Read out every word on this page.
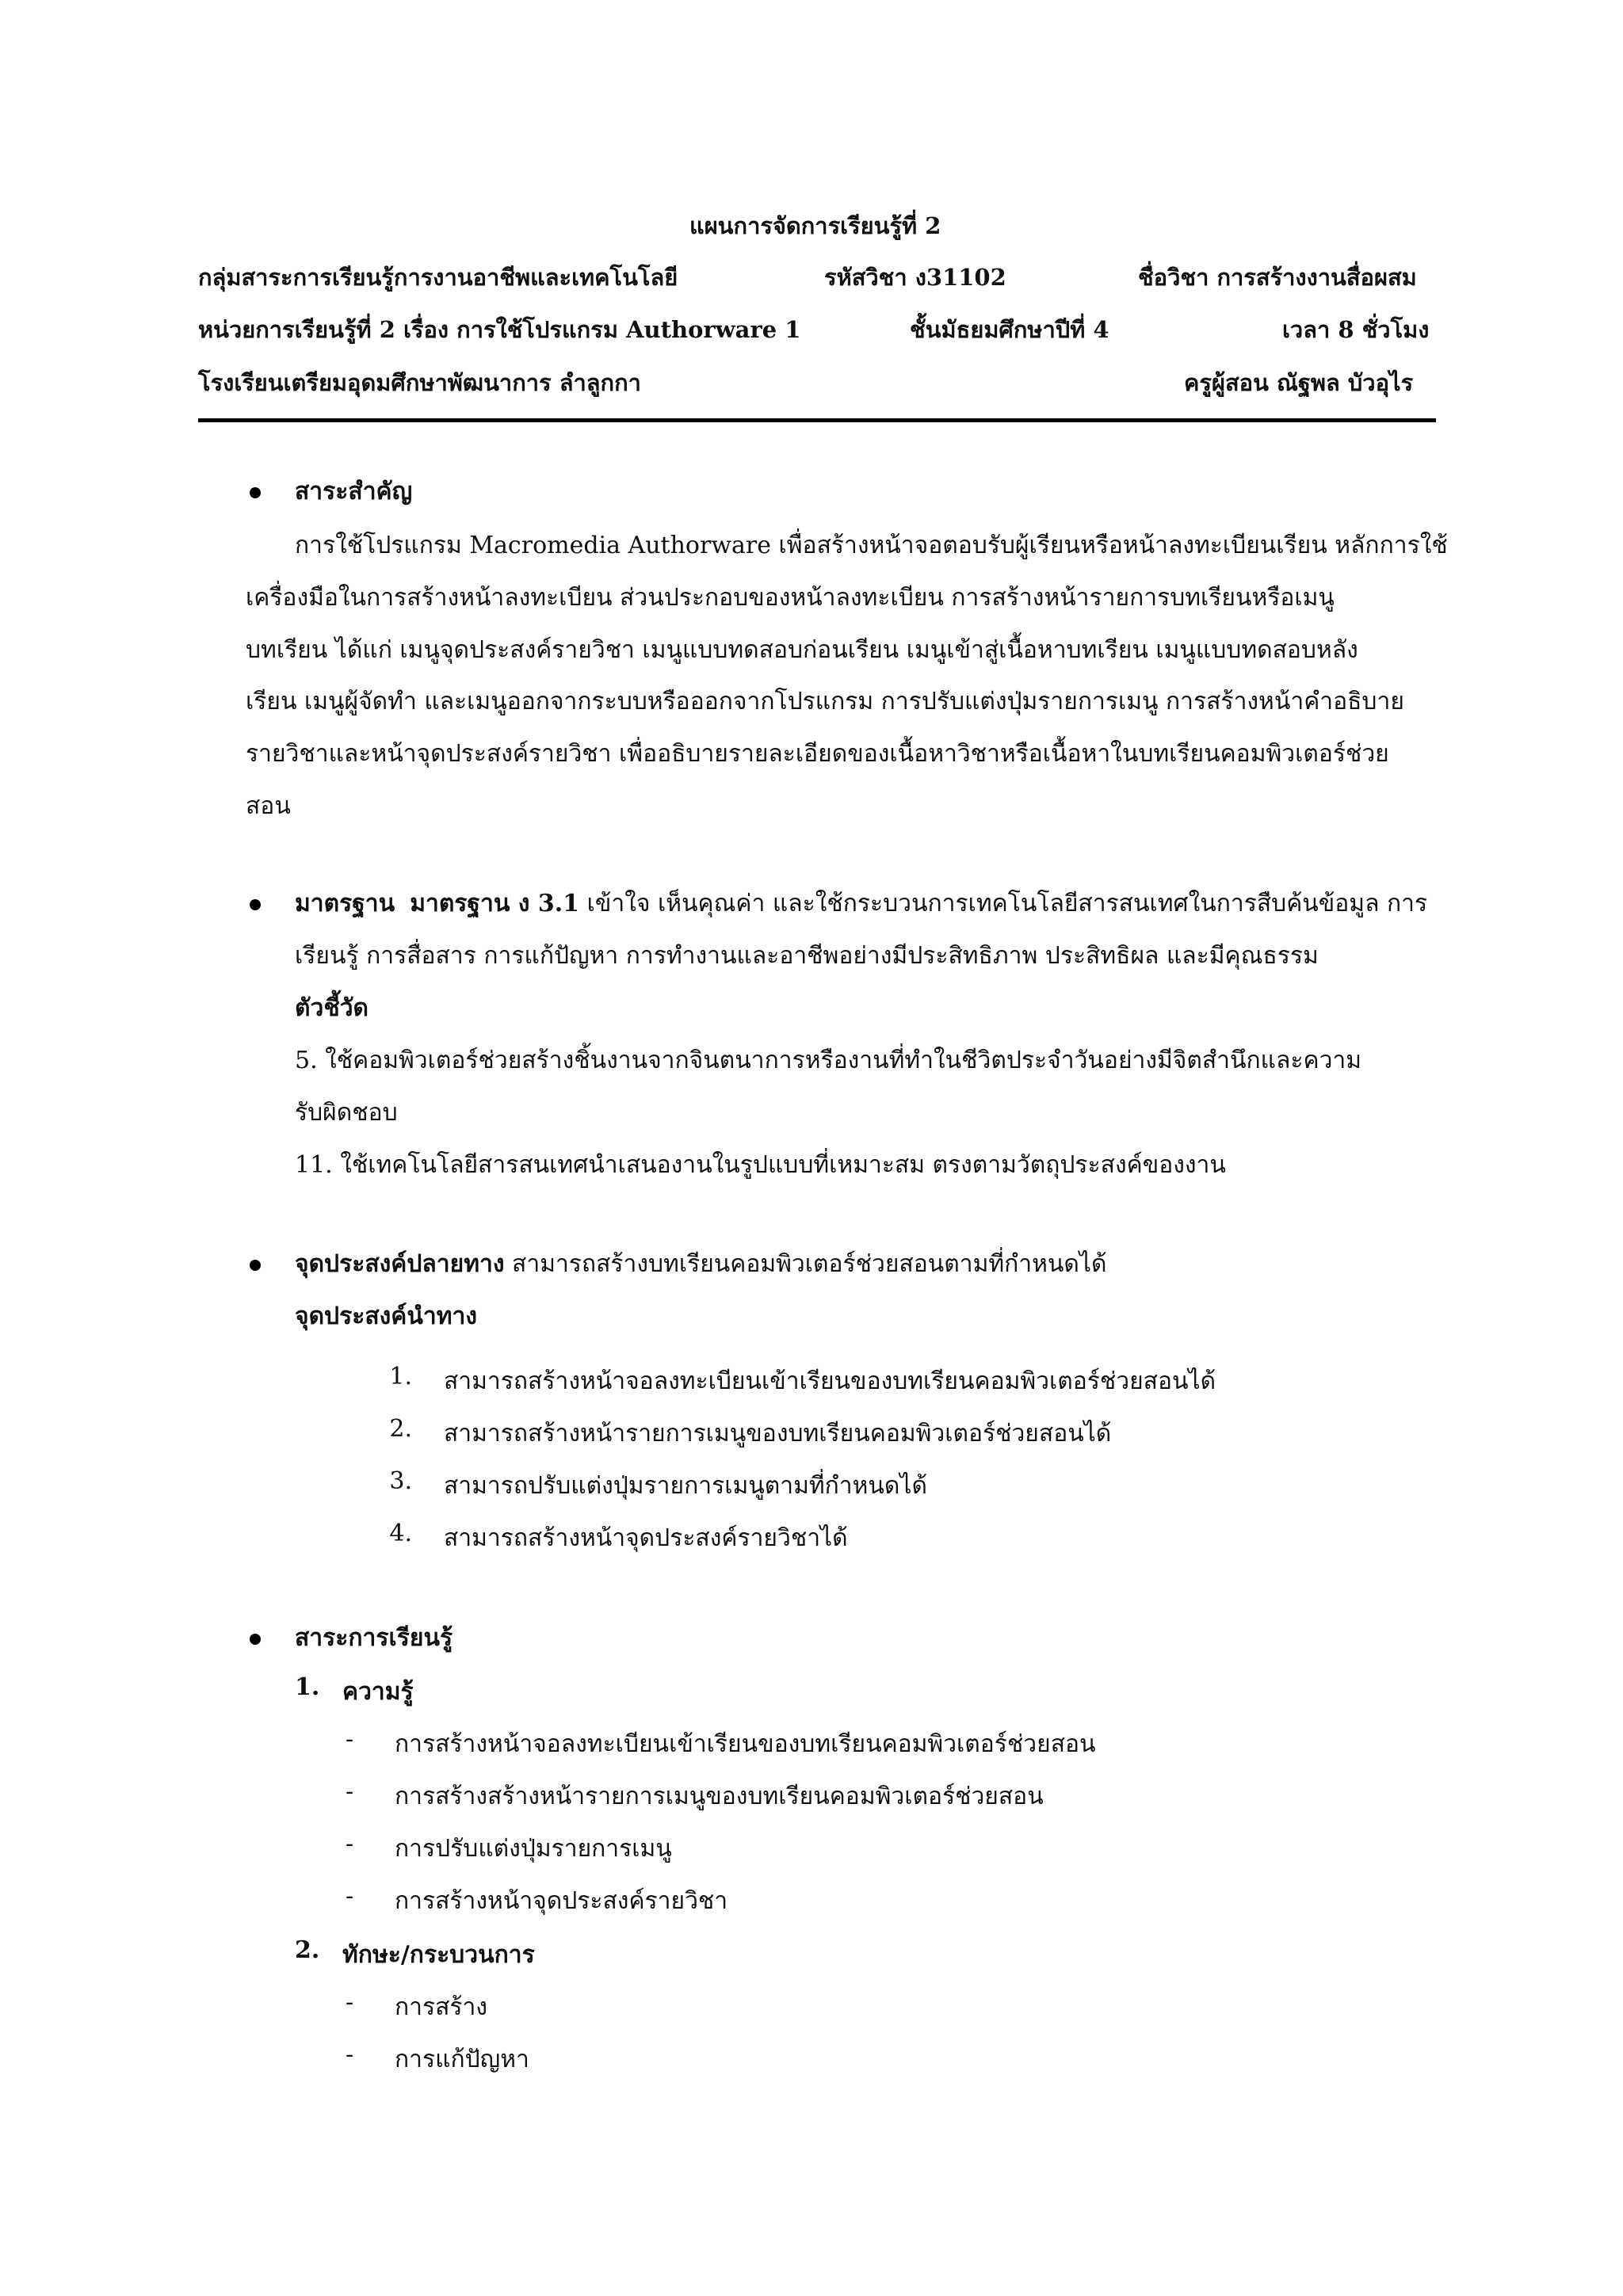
แผนการจัดการเรียนรู้ที่ 2
กลุ่มสาระการเรียนรู้การงานอาชีพและเทคโนโลยี	รหัสวิชา ง31102	ชื่อวิชา การสร้างงานสื่อผสม
หน่วยการเรียนรู้ที่ 2 เรื่อง การใช้โปรแกรม Authorware 1	ชั้นมัธยมศึกษาปีที่ 4	เวลา 8 ชั่วโมง
โรงเรียนเตรียมอุดมศึกษาพัฒนาการ ลำลูกกา	ครูผู้สอน ณัฐพล บัวอุไร
สาระสำคัญ
การใช้โปรแกรม Macromedia Authorware เพื่อสร้างหน้าจอตอบรับผู้เรียนหรือหน้าลงทะเบียนเรียน หลักการใช้
เครื่องมือในการสร้างหน้าลงทะเบียน ส่วนประกอบของหน้าลงทะเบียน การสร้างหน้ารายการบทเรียนหรือเมนู
บทเรียน ได้แก่ เมนูจุดประสงค์รายวิชา เมนูแบบทดสอบก่อนเรียน เมนูเข้าสู่เนื้อหาบทเรียน เมนูแบบทดสอบหลัง
เรียน เมนูผู้จัดทำ และเมนูออกจากระบบหรือออกจากโปรแกรม การปรับแต่งปุ่มรายการเมนู การสร้างหน้าคำอธิบาย
รายวิชาและหน้าจุดประสงค์รายวิชา เพื่ออธิบายรายละเอียดของเนื้อหาวิชาหรือเนื้อหาในบทเรียนคอมพิวเตอร์ช่วย
สอน
มาตรฐาน มาตรฐาน ง 3.1 เข้าใจ เห็นคุณค่า และใช้กระบวนการเทคโนโลยีสารสนเทศในการสืบค้นข้อมูล การ
เรียนรู้ การสื่อสาร การแก้ปัญหา การทำงานและอาชีพอย่างมีประสิทธิภาพ ประสิทธิผล และมีคุณธรรม
ตัวชี้วัด
5. ใช้คอมพิวเตอร์ช่วยสร้างชิ้นงานจากจินตนาการหรืองานที่ทำในชีวิตประจำวันอย่างมีจิตสำนึกและความ
รับผิดชอบ
11. ใช้เทคโนโลยีสารสนเทศนำเสนองานในรูปแบบที่เหมาะสม ตรงตามวัตถุประสงค์ของงาน
จุดประสงค์ปลายทาง สามารถสร้างบทเรียนคอมพิวเตอร์ช่วยสอนตามที่กำหนดได้
จุดประสงค์นำทาง
1. สามารถสร้างหน้าจอลงทะเบียนเข้าเรียนของบทเรียนคอมพิวเตอร์ช่วยสอนได้
2. สามารถสร้างหน้ารายการเมนูของบทเรียนคอมพิวเตอร์ช่วยสอนได้
3. สามารถปรับแต่งปุ่มรายการเมนูตามที่กำหนดได้
4. สามารถสร้างหน้าจุดประสงค์รายวิชาได้
สาระการเรียนรู้
1. ความรู้
- การสร้างหน้าจอลงทะเบียนเข้าเรียนของบทเรียนคอมพิวเตอร์ช่วยสอน
- การสร้างสร้างหน้ารายการเมนูของบทเรียนคอมพิวเตอร์ช่วยสอน
- การปรับแต่งปุ่มรายการเมนู
- การสร้างหน้าจุดประสงค์รายวิชา
2. ทักษะ/กระบวนการ
- การสร้าง
- การแก้ปัญหา
